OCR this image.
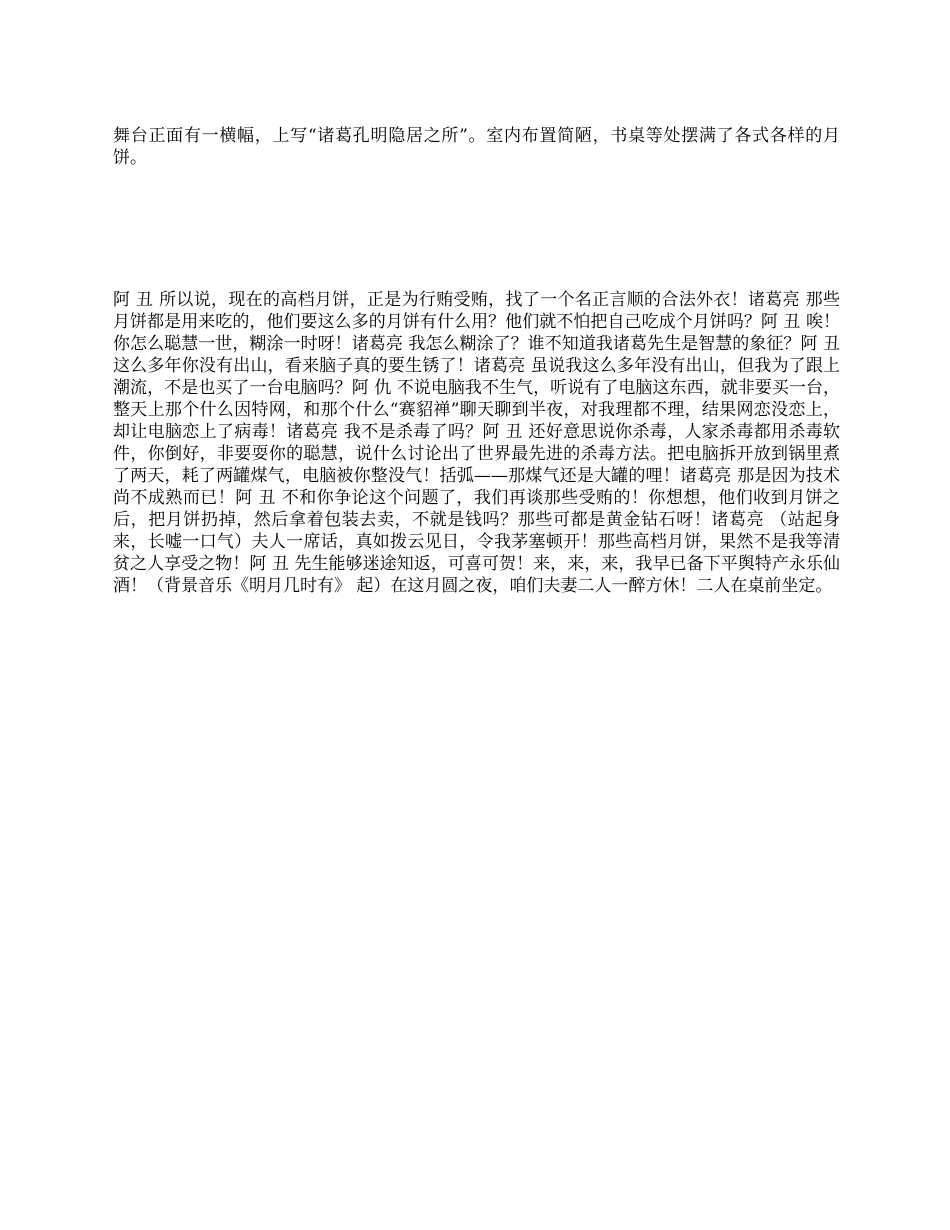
舞台正面有一横幅，上写“诸葛孔明隐居之所”。室内布置简陋，书桌等处摆满了各式各样的月饼。

阿 丑 所以说，现在的高档月饼，正是为行贿受贿，找了一个名正言顺的合法外衣！诸葛亮 那些月饼都是用来吃的，他们要这么多的月饼有什么用？他们就不怕把自己吃成个月饼吗？阿 丑 唉！你怎么聪慧一世，糊涂一时呀！诸葛亮 我怎么糊涂了？谁不知道我诸葛先生是智慧的象征？阿 丑 这么多年你没有出山，看来脑子真的要生锈了！诸葛亮 虽说我这么多年没有出山，但我为了跟上潮流，不是也买了一台电脑吗？阿 仇 不说电脑我不生气，听说有了电脑这东西，就非要买一台，整天上那个什么因特网，和那个什么“赛貂禅”聊天聊到半夜，对我理都不理，结果网恋没恋上，却让电脑恋上了病毒！诸葛亮 我不是杀毒了吗？阿 丑 还好意思说你杀毒，人家杀毒都用杀毒软件，你倒好，非要耍你的聪慧，说什么讨论出了世界最先进的杀毒方法。把电脑拆开放到锅里煮了两天，耗了两罐煤气，电脑被你整没气！括弧——那煤气还是大罐的哩！诸葛亮 那是因为技术尚不成熟而已！阿 丑 不和你争论这个问题了，我们再谈那些受贿的！你想想，他们收到月饼之后，把月饼扔掉，然后拿着包装去卖，不就是钱吗？那些可都是黄金钻石呀！诸葛亮 （站起身来，长嘘一口气）夫人一席话，真如拨云见日，令我茅塞顿开！那些高档月饼，果然不是我等清贫之人享受之物！阿 丑 先生能够迷途知返，可喜可贺！来，来，来，我早已备下平舆特产永乐仙酒！（背景音乐《明月几时有》 起）在这月圆之夜，咱们夫妻二人一醉方休！二人在桌前坐定。
